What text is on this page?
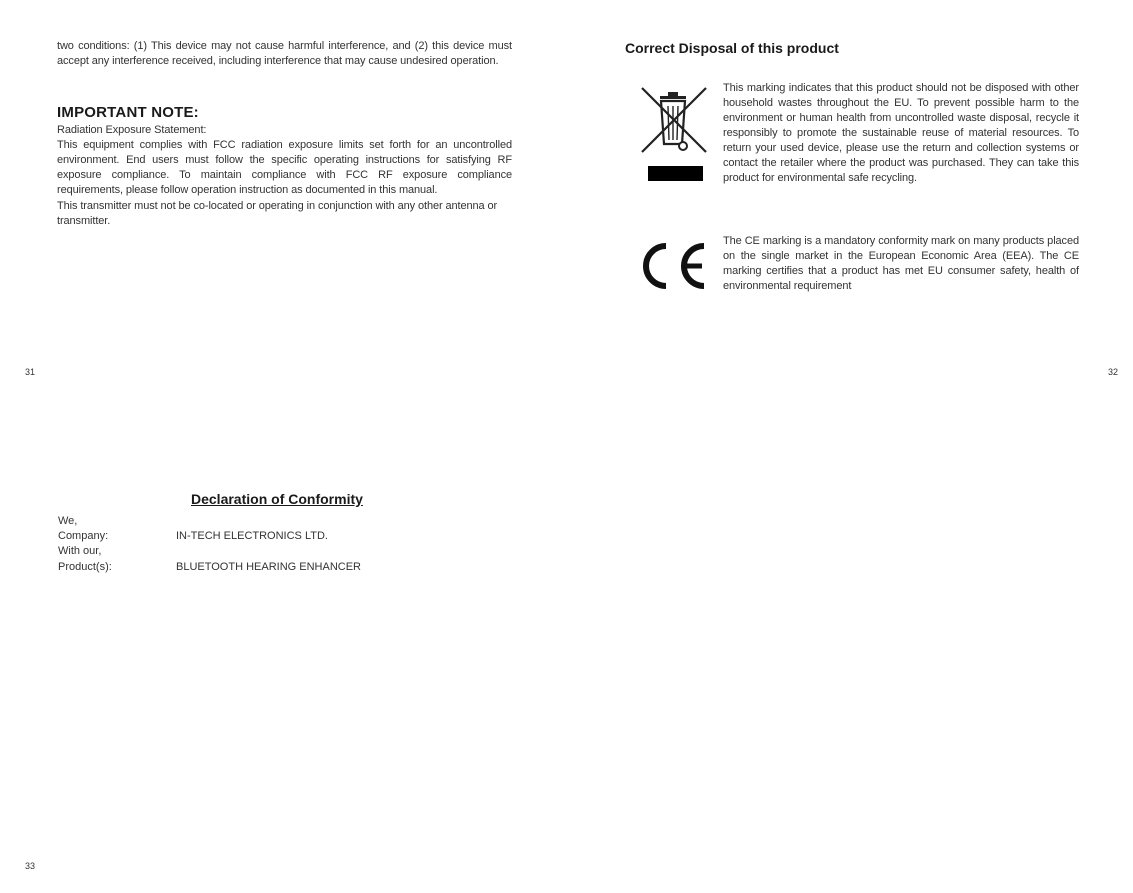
two conditions: (1) This device may not cause harmful interference, and (2) this device must accept any interference received, including interference that may cause undesired operation.

IMPORTANT NOTE:

Radiation Exposure Statement:

This equipment complies with FCC radiation exposure limits set forth for an uncontrolled environment. End users must follow the specific operating instructions for satisfying RF exposure compliance. To maintain compliance with FCC RF exposure compliance requirements, please follow operation instruction as documented in this manual.

This transmitter must not be co-located or operating in conjunction with any other antenna or transmitter.

31
Correct Disposal of this product

This marking indicates that this product should not be disposed with other household wastes throughout the EU. To prevent possible harm to the environment or human health from uncontrolled waste disposal, recycle it responsibly to promote the sustainable reuse of material resources. To return your used device, please use the return and collection systems or contact the retailer where the product was purchased. They can take this product for environmental safe recycling.

The CE marking is a mandatory conformity mark on many products placed on the single market in the European Economic Area (EEA). The CE marking certifies that a product has met EU consumer safety, health of environmental requirement

32
Declaration of Conformity
We,
Company:	IN-TECH ELECTRONICS LTD.
With our,
Product(s):	BLUETOOTH HEARING ENHANCER
33
